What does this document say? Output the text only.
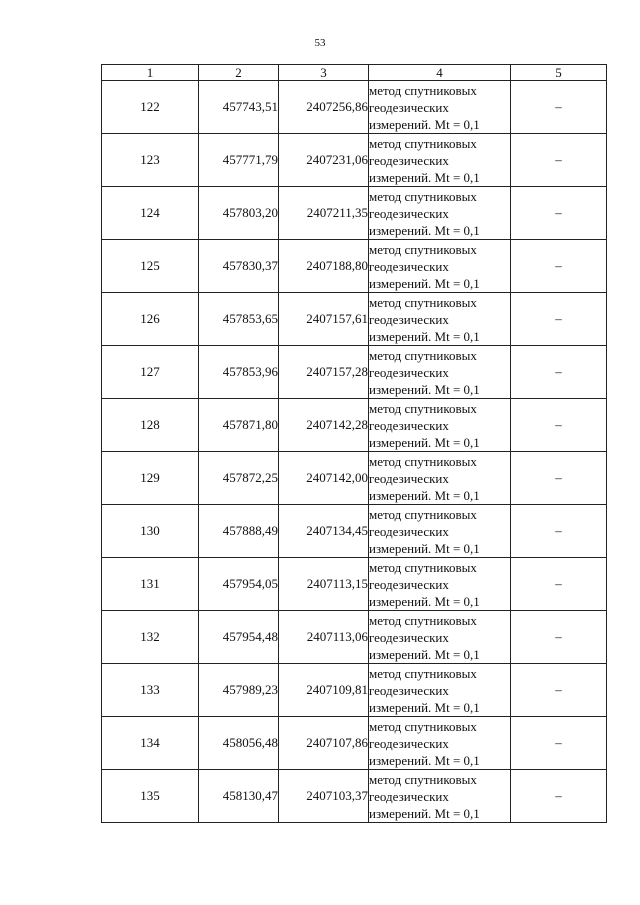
53
1	2	3	4	5
122	457743,51	2407256,86	метод спутниковых
геодезических
измерений. Mt = 0,1	–
123	457771,79	2407231,06	метод спутниковых
геодезических
измерений. Mt = 0,1	–
124	457803,20	2407211,35	метод спутниковых
геодезических
измерений. Mt = 0,1	–
125	457830,37	2407188,80	метод спутниковых
геодезических
измерений. Mt = 0,1	–
126	457853,65	2407157,61	метод спутниковых
геодезических
измерений. Mt = 0,1	–
127	457853,96	2407157,28	метод спутниковых
геодезических
измерений. Mt = 0,1	–
128	457871,80	2407142,28	метод спутниковых
геодезических
измерений. Mt = 0,1	–
129	457872,25	2407142,00	метод спутниковых
геодезических
измерений. Mt = 0,1	–
130	457888,49	2407134,45	метод спутниковых
геодезических
измерений. Mt = 0,1	–
131	457954,05	2407113,15	метод спутниковых
геодезических
измерений. Mt = 0,1	–
132	457954,48	2407113,06	метод спутниковых
геодезических
измерений. Mt = 0,1	–
133	457989,23	2407109,81	метод спутниковых
геодезических
измерений. Mt = 0,1	–
134	458056,48	2407107,86	метод спутниковых
геодезических
измерений. Mt = 0,1	–
135	458130,47	2407103,37	метод спутниковых
геодезических
измерений. Mt = 0,1	–
